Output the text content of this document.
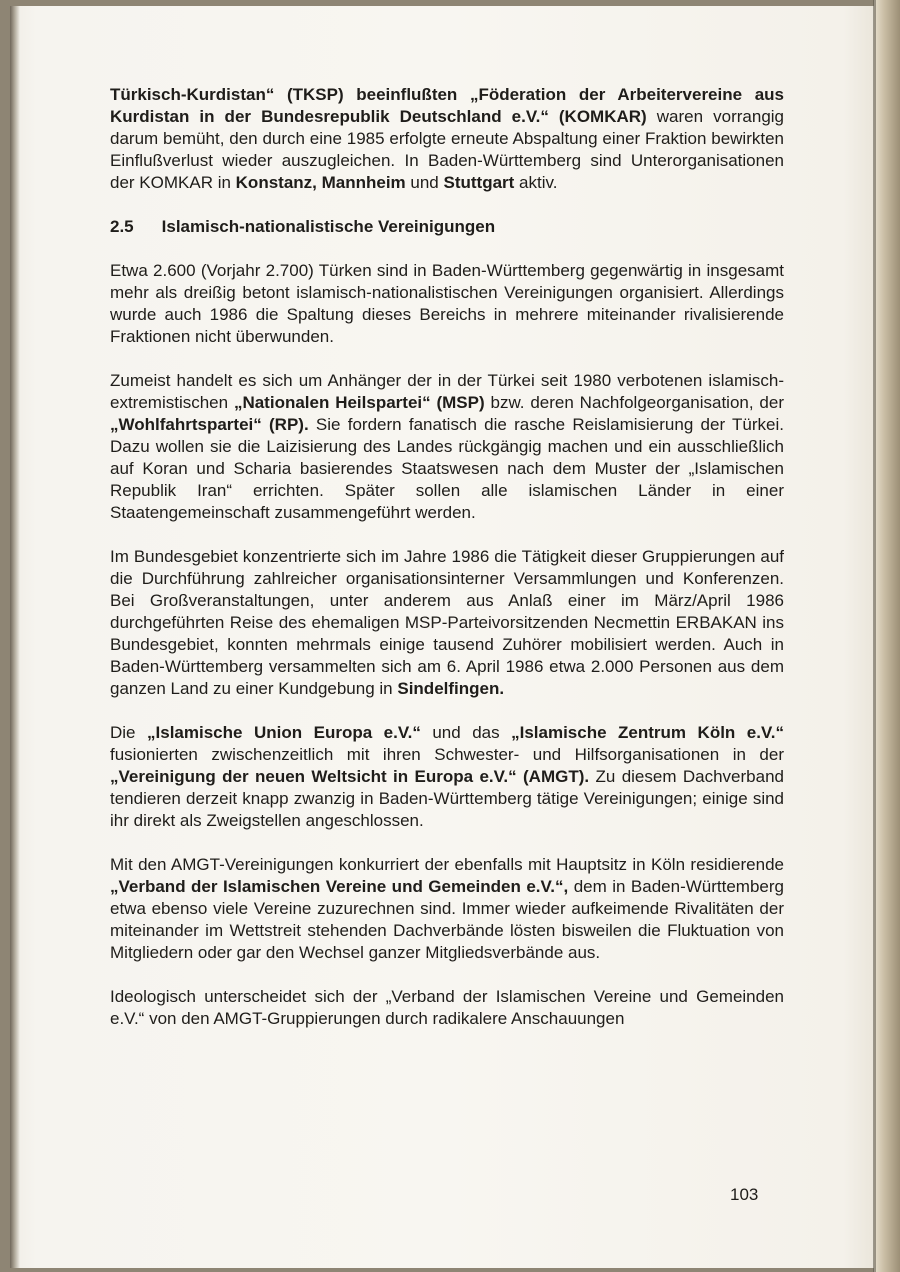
Türkisch-Kurdistan“ (TKSP) beeinflußten „Föderation der Arbeitervereine aus Kurdistan in der Bundesrepublik Deutschland e.V.“ (KOMKAR) waren vorrangig darum bemüht, den durch eine 1985 erfolgte erneute Abspaltung einer Fraktion bewirkten Einflußverlust wieder auszugleichen. In Baden-Württemberg sind Unterorganisationen der KOMKAR in Konstanz, Mannheim und Stuttgart aktiv.

2.5 Islamisch-nationalistische Vereinigungen

Etwa 2.600 (Vorjahr 2.700) Türken sind in Baden-Württemberg gegenwärtig in insgesamt mehr als dreißig betont islamisch-nationalistischen Vereinigungen organisiert. Allerdings wurde auch 1986 die Spaltung dieses Bereichs in mehrere miteinander rivalisierende Fraktionen nicht überwunden.

Zumeist handelt es sich um Anhänger der in der Türkei seit 1980 verbotenen islamisch-extremistischen „Nationalen Heilspartei“ (MSP) bzw. deren Nachfolgeorganisation, der „Wohlfahrtspartei“ (RP). Sie fordern fanatisch die rasche Reislamisierung der Türkei. Dazu wollen sie die Laizisierung des Landes rückgängig machen und ein ausschließlich auf Koran und Scharia basierendes Staatswesen nach dem Muster der „Islamischen Republik Iran“ errichten. Später sollen alle islamischen Länder in einer Staatengemeinschaft zusammengeführt werden.

Im Bundesgebiet konzentrierte sich im Jahre 1986 die Tätigkeit dieser Gruppierungen auf die Durchführung zahlreicher organisationsinterner Versammlungen und Konferenzen. Bei Großveranstaltungen, unter anderem aus Anlaß einer im März/April 1986 durchgeführten Reise des ehemaligen MSP-Parteivorsitzenden Necmettin ERBAKAN ins Bundesgebiet, konnten mehrmals einige tausend Zuhörer mobilisiert werden. Auch in Baden-Württemberg versammelten sich am 6. April 1986 etwa 2.000 Personen aus dem ganzen Land zu einer Kundgebung in Sindelfingen.

Die „Islamische Union Europa e.V.“ und das „Islamische Zentrum Köln e.V.“ fusionierten zwischenzeitlich mit ihren Schwester- und Hilfsorganisationen in der „Vereinigung der neuen Weltsicht in Europa e.V.“ (AMGT). Zu diesem Dachverband tendieren derzeit knapp zwanzig in Baden-Württemberg tätige Vereinigungen; einige sind ihr direkt als Zweigstellen angeschlossen.

Mit den AMGT-Vereinigungen konkurriert der ebenfalls mit Hauptsitz in Köln residierende „Verband der Islamischen Vereine und Gemeinden e.V.“, dem in Baden-Württemberg etwa ebenso viele Vereine zuzurechnen sind. Immer wieder aufkeimende Rivalitäten der miteinander im Wettstreit stehenden Dachverbände lösten bisweilen die Fluktuation von Mitgliedern oder gar den Wechsel ganzer Mitgliedsverbände aus.

Ideologisch unterscheidet sich der „Verband der Islamischen Vereine und Gemeinden e.V.“ von den AMGT-Gruppierungen durch radikalere Anschauungen

103
